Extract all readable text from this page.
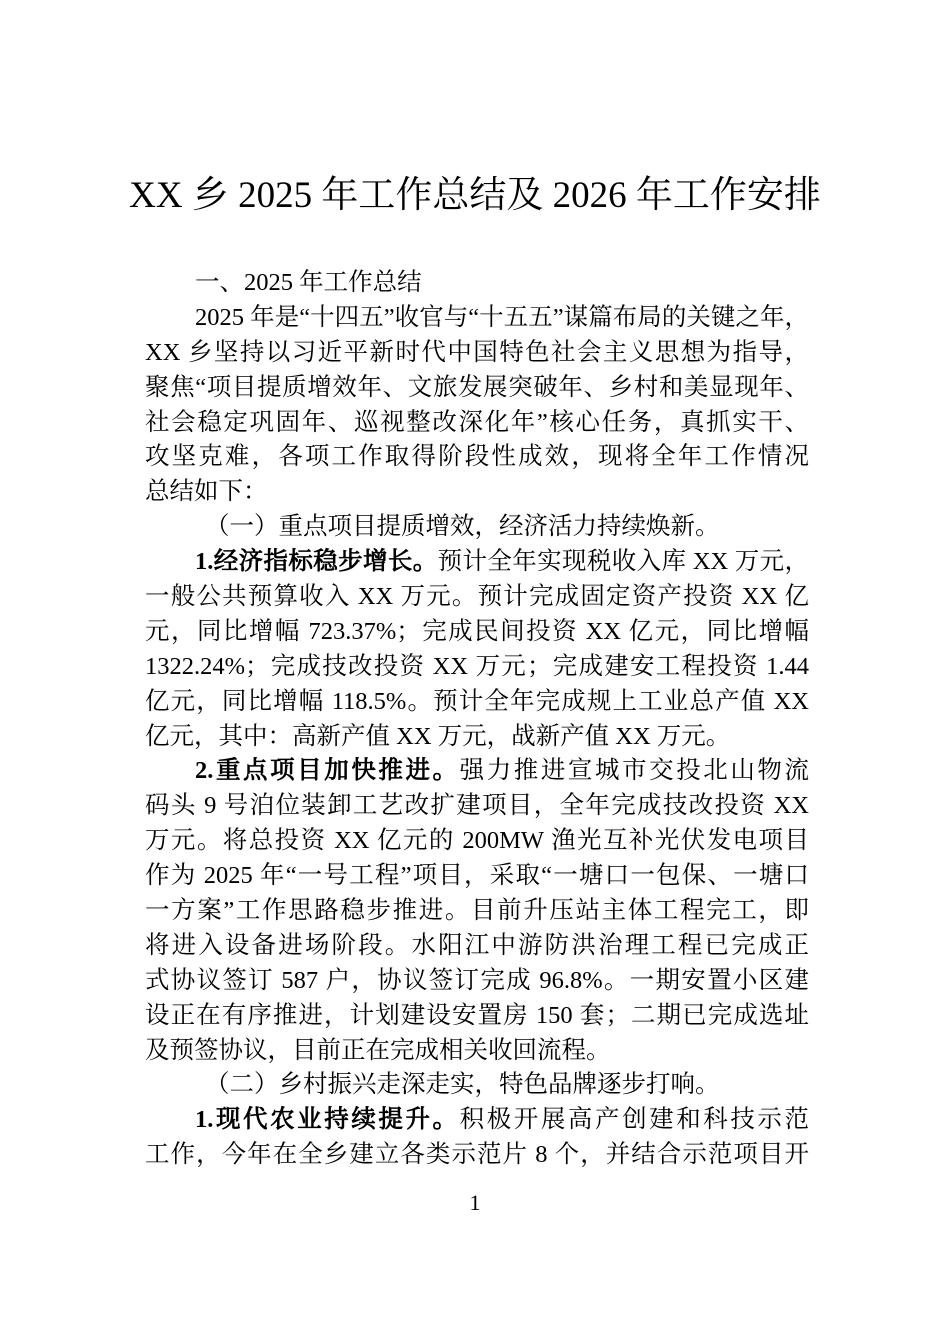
XX 乡 2025 年工作总结及 2026 年工作安排
一、2025 年工作总结
2025 年是“十四五”收官与“十五五”谋篇布局的关键之年，
XX 乡坚持以习近平新时代中国特色社会主义思想为指导，
聚焦“项目提质增效年、文旅发展突破年、乡村和美显现年、
社会稳定巩固年、巡视整改深化年”核心任务，真抓实干、
攻坚克难，各项工作取得阶段性成效，现将全年工作情况
总结如下：
（一）重点项目提质增效，经济活力持续焕新。
1.经济指标稳步增长。预计全年实现税收入库 XX 万元，
一般公共预算收入 XX 万元。预计完成固定资产投资 XX 亿
元，同比增幅 723.37%；完成民间投资 XX 亿元，同比增幅
1322.24%；完成技改投资 XX 万元；完成建安工程投资 1.44
亿元，同比增幅 118.5%。预计全年完成规上工业总产值 XX
亿元，其中：高新产值 XX 万元，战新产值 XX 万元。
2.重点项目加快推进。强力推进宣城市交投北山物流
码头 9 号泊位装卸工艺改扩建项目，全年完成技改投资 XX
万元。将总投资 XX 亿元的 200MW 渔光互补光伏发电项目
作为 2025 年“一号工程”项目，采取“一塘口一包保、一塘口
一方案”工作思路稳步推进。目前升压站主体工程完工，即
将进入设备进场阶段。水阳江中游防洪治理工程已完成正
式协议签订 587 户，协议签订完成 96.8%。一期安置小区建
设正在有序推进，计划建设安置房 150 套；二期已完成选址
及预签协议，目前正在完成相关收回流程。
（二）乡村振兴走深走实，特色品牌逐步打响。
1.现代农业持续提升。积极开展高产创建和科技示范
工作，今年在全乡建立各类示范片 8 个，并结合示范项目开
1
